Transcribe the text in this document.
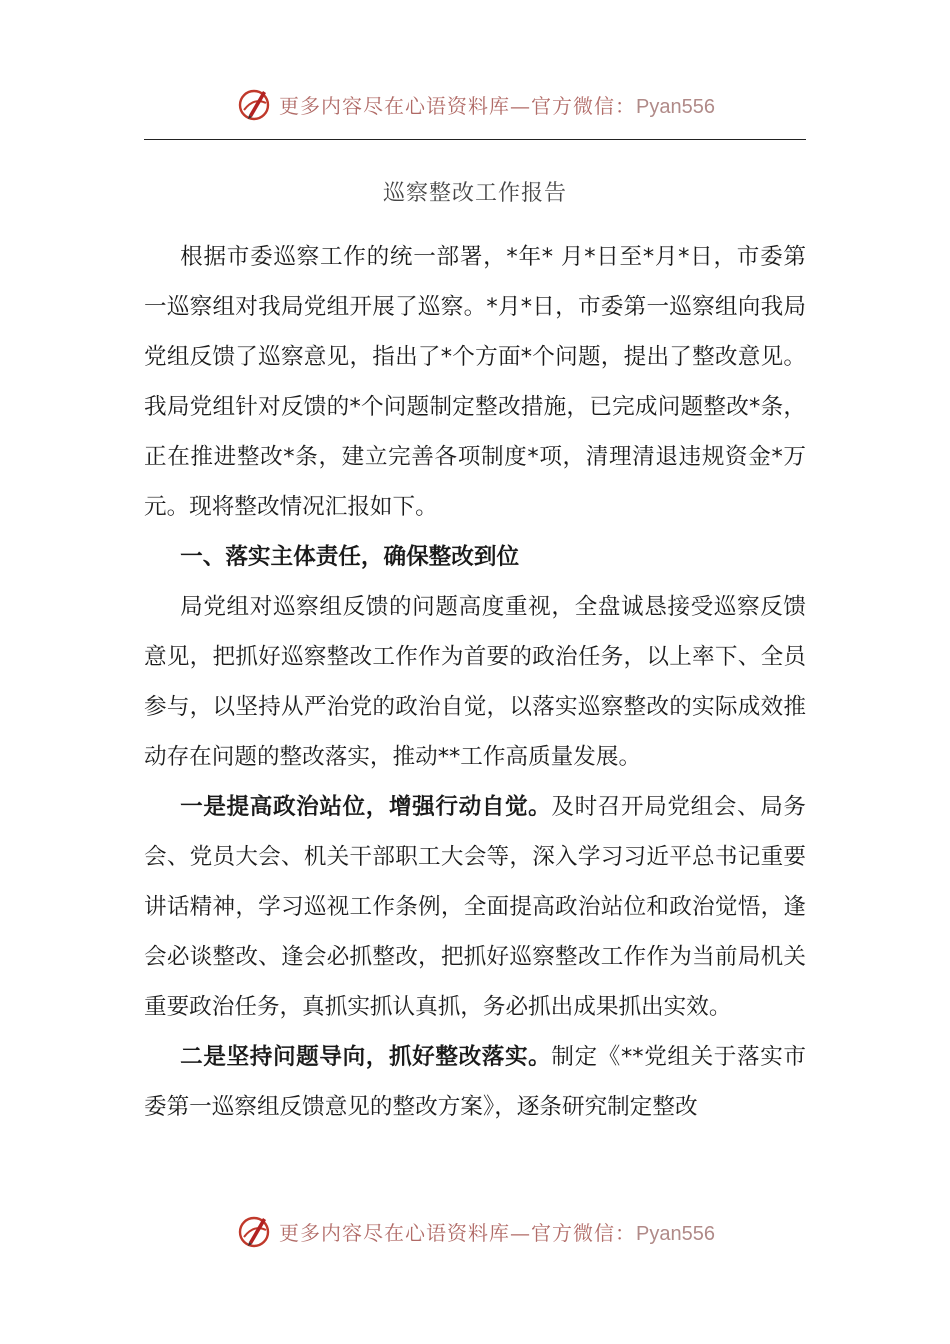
更多内容尽在心语资料库—官方微信：Pyan556
巡察整改工作报告

根据市委巡察工作的统一部署，*年* 月*日至*月*日，市委第一巡察组对我局党组开展了巡察。*月*日，市委第一巡察组向我局党组反馈了巡察意见，指出了*个方面*个问题，提出了整改意见。我局党组针对反馈的*个问题制定整改措施，已完成问题整改*条，正在推进整改*条，建立完善各项制度*项，清理清退违规资金*万元。现将整改情况汇报如下。

一、落实主体责任，确保整改到位

局党组对巡察组反馈的问题高度重视，全盘诚恳接受巡察反馈意见，把抓好巡察整改工作作为首要的政治任务，以上率下、全员参与，以坚持从严治党的政治自觉，以落实巡察整改的实际成效推动存在问题的整改落实，推动**工作高质量发展。

一是提高政治站位，增强行动自觉。及时召开局党组会、局务会、党员大会、机关干部职工大会等，深入学习习近平总书记重要讲话精神，学习巡视工作条例，全面提高政治站位和政治觉悟，逢会必谈整改、逢会必抓整改，把抓好巡察整改工作作为当前局机关重要政治任务，真抓实抓认真抓，务必抓出成果抓出实效。

二是坚持问题导向，抓好整改落实。制定《**党组关于落实市委第一巡察组反馈意见的整改方案》，逐条研究制定整改

更多内容尽在心语资料库—官方微信：Pyan556
